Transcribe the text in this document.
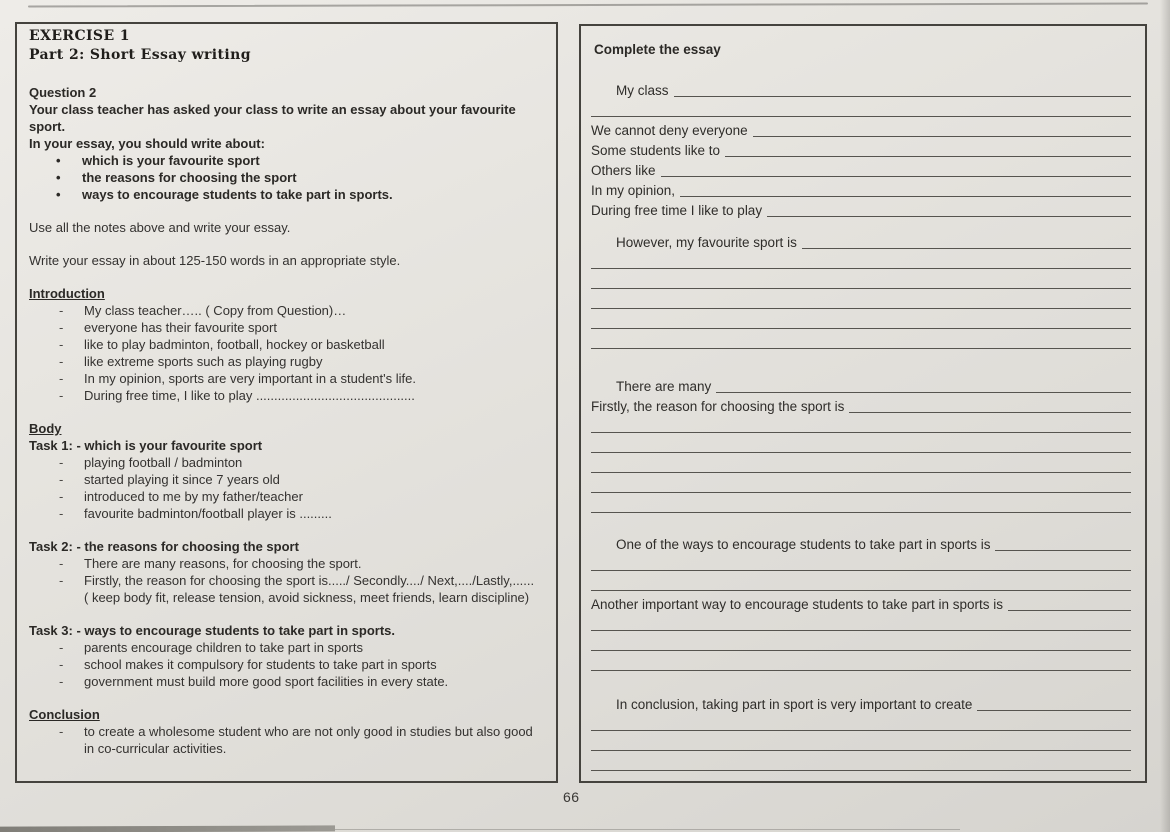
EXERCISE 1
Part 2: Short Essay writing
Question 2
Your class teacher has asked your class to write an essay about your favourite sport.
In your essay, you should write about:
• which is your favourite sport
• the reasons for choosing the sport
• ways to encourage students to take part in sports.
Use all the notes above and write your essay.
Write your essay in about 125-150 words in an appropriate style.
Introduction
- My class teacher….. ( Copy from Question)…
- everyone has their favourite sport
- like to play badminton, football, hockey or basketball
- like extreme sports such as playing rugby
- In my opinion, sports are very important in a student's life.
- During free time, I like to play ............................................
Body
Task 1: - which is your favourite sport
- playing football / badminton
- started playing it since 7 years old
- introduced to me by my father/teacher
- favourite badminton/football player is .........
Task 2: - the reasons for choosing the sport
- There are many reasons, for choosing the sport.
- Firstly, the reason for choosing the sport is...../ Secondly..../ Next,..../Lastly,......
( keep body fit, release tension, avoid sickness, meet friends, learn discipline)
Task 3: - ways to encourage students to take part in sports.
- parents encourage children to take part in sports
- school makes it compulsory for students to take part in sports
- government must build more good sport facilities in every state.
Conclusion
- to create a wholesome student who are not only good in studies but also good in co-curricular activities.
Complete the essay
My class
We cannot deny everyone
Some students like to
Others like
In my opinion,
During free time I like to play
However, my favourite sport is
There are many
Firstly, the reason for choosing the sport is
One of the ways to encourage students to take part in sports is
Another important way to encourage students to take part in sports is
In conclusion, taking part in sport is very important to create
66
